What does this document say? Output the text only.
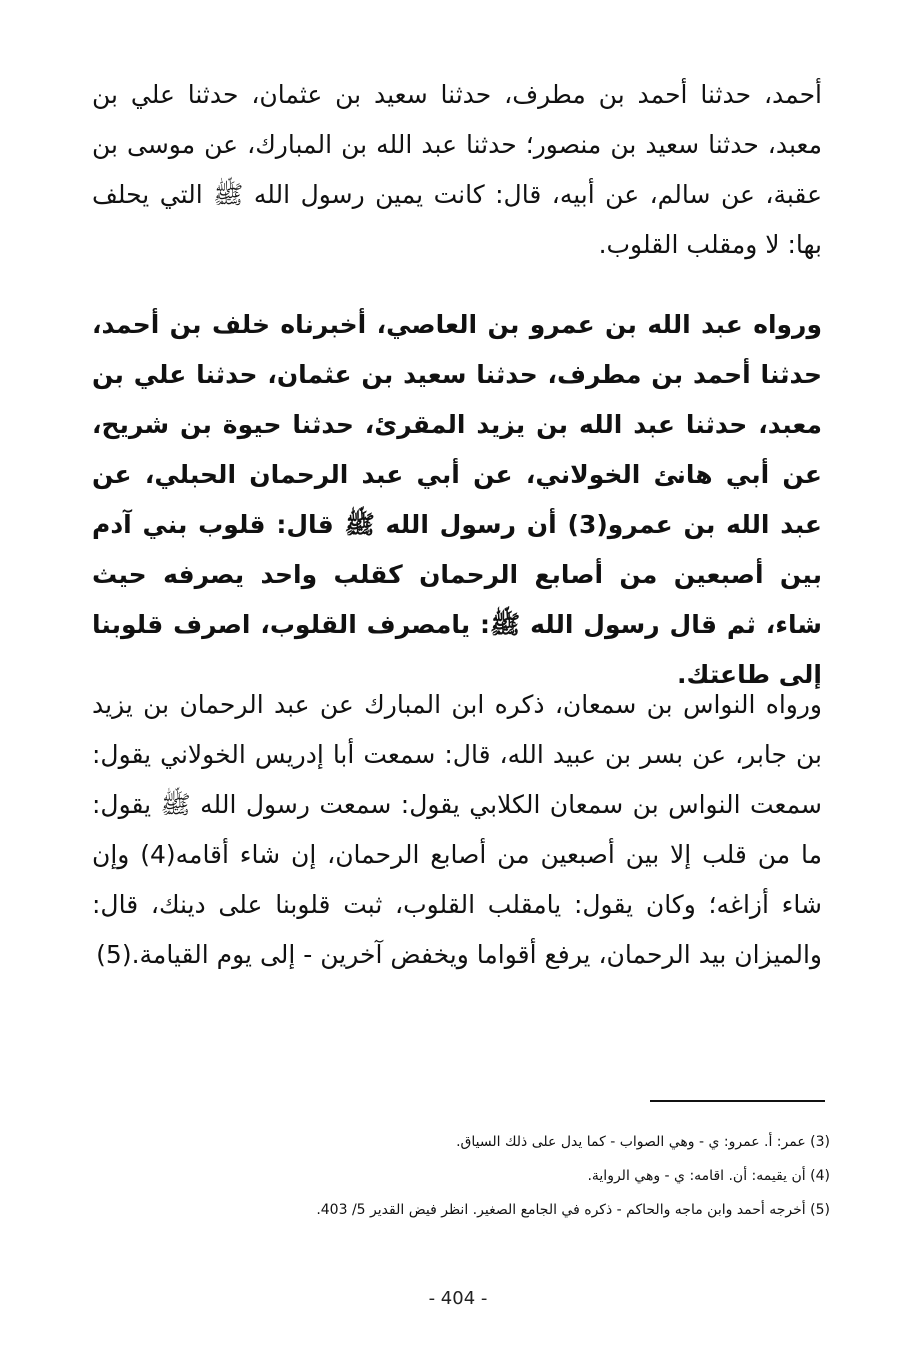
أحمد، حدثنا أحمد بن مطرف، حدثنا سعيد بن عثمان، حدثنا علي بن معبد، حدثنا سعيد بن منصور؛ حدثنا عبد الله بن المبارك، عن موسى بن عقبة، عن سالم، عن أبيه، قال: كانت يمين رسول الله ﷺ التي يحلف بها: لا ومقلب القلوب.

ورواه عبد الله بن عمرو بن العاصي، أخبرناه خلف بن أحمد، حدثنا أحمد بن مطرف، حدثنا سعيد بن عثمان، حدثنا علي بن معبد، حدثنا عبد الله بن يزيد المقرئ، حدثنا حيوة بن شريح، عن أبي هانئ الخولاني، عن أبي عبد الرحمان الحبلي، عن عبد الله بن عمرو(3) أن رسول الله ﷺ قال: قلوب بني آدم بين أصبعين من أصابع الرحمان كقلب واحد يصرفه حيث شاء، ثم قال رسول الله ﷺ: يامصرف القلوب، اصرف قلوبنا إلى طاعتك.

ورواه النواس بن سمعان، ذكره ابن المبارك عن عبد الرحمان بن يزيد بن جابر، عن بسر بن عبيد الله، قال: سمعت أبا إدريس الخولاني يقول: سمعت النواس بن سمعان الكلابي يقول: سمعت رسول الله ﷺ يقول: ما من قلب إلا بين أصبعين من أصابع الرحمان، إن شاء أقامه(4) وإن شاء أزاغه؛ وكان يقول: يامقلب القلوب، ثبت قلوبنا على دينك، قال: والميزان بيد الرحمان، يرفع أقواما ويخفض آخرين - إلى يوم القيامة.(5)

(3) عمر: أ. عمرو: ي - وهي الصواب - كما يدل على ذلك السياق.
(4) أن يقيمه: أن. اقامه: ي - وهي الرواية.
(5) أخرجه أحمد وابن ماجه والحاكم - ذكره في الجامع الصغير. انظر فيض القدير 5/ 403.
- 404 -
